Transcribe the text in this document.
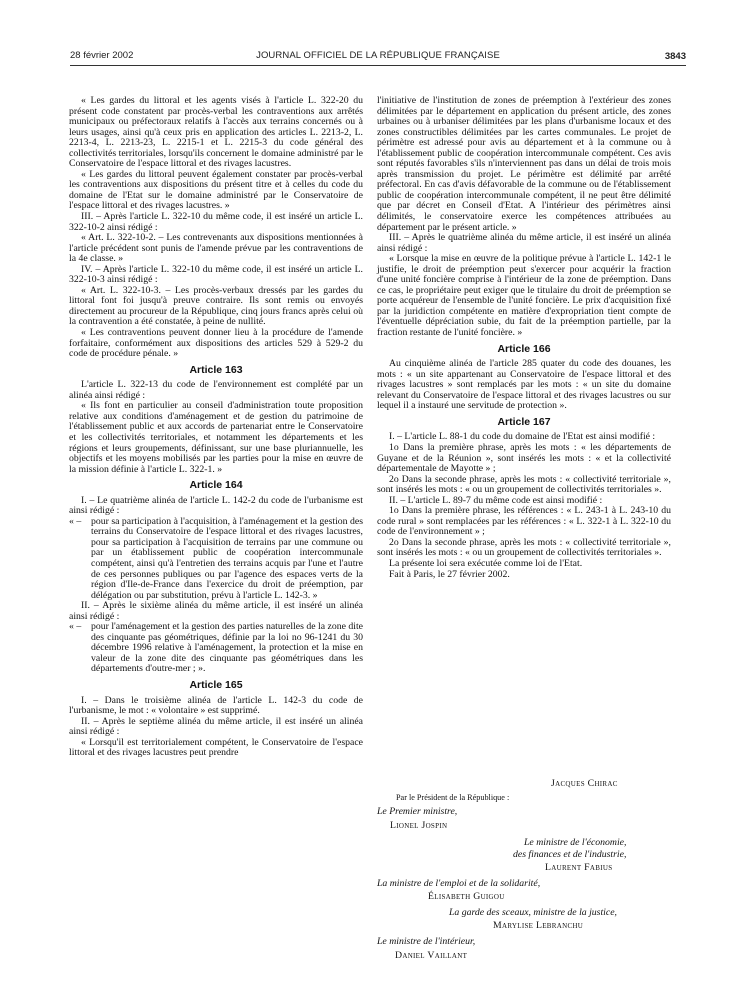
28 février 2002	JOURNAL OFFICIEL DE LA RÉPUBLIQUE FRANÇAISE	3843

« Les gardes du littoral et les agents visés à l'article L. 322-20 du présent code constatent par procès-verbal les contraventions aux arrêtés municipaux ou préfectoraux relatifs à l'accès aux terrains concernés ou à leurs usages, ainsi qu'à ceux pris en application des articles L. 2213-2, L. 2213-4, L. 2213-23, L. 2215-1 et L. 2215-3 du code général des collectivités territoriales, lorsqu'ils concernent le domaine administré par le Conservatoire de l'espace littoral et des rivages lacustres.

« Les gardes du littoral peuvent également constater par procès-verbal les contraventions aux dispositions du présent titre et à celles du code du domaine de l'Etat sur le domaine administré par le Conservatoire de l'espace littoral et des rivages lacustres. »

III. – Après l'article L. 322-10 du même code, il est inséré un article L. 322-10-2 ainsi rédigé :

« Art. L. 322-10-2. – Les contrevenants aux dispositions mentionnées à l'article précédent sont punis de l'amende prévue par les contraventions de la 4e classe. »

IV. – Après l'article L. 322-10 du même code, il est inséré un article L. 322-10-3 ainsi rédigé :

« Art. L. 322-10-3. – Les procès-verbaux dressés par les gardes du littoral font foi jusqu'à preuve contraire. Ils sont remis ou envoyés directement au procureur de la République, cinq jours francs après celui où la contravention a été constatée, à peine de nullité.

« Les contraventions peuvent donner lieu à la procédure de l'amende forfaitaire, conformément aux dispositions des articles 529 à 529-2 du code de procédure pénale. »

Article 163

L'article L. 322-13 du code de l'environnement est complété par un alinéa ainsi rédigé :

« Ils font en particulier au conseil d'administration toute proposition relative aux conditions d'aménagement et de gestion du patrimoine de l'établissement public et aux accords de partenariat entre le Conservatoire et les collectivités territoriales, et notamment les départements et les régions et leurs groupements, définissant, sur une base pluriannuelle, les objectifs et les moyens mobilisés par les parties pour la mise en œuvre de la mission définie à l'article L. 322-1. »

Article 164

I. – Le quatrième alinéa de l'article L. 142-2 du code de l'urbanisme est ainsi rédigé :

« –	pour sa participation à l'acquisition, à l'aménagement et la gestion des terrains du Conservatoire de l'espace littoral et des rivages lacustres, pour sa participation à l'acquisition de terrains par une commune ou par un établissement public de coopération intercommunale compétent, ainsi qu'à l'entretien des terrains acquis par l'une et l'autre de ces personnes publiques ou par l'agence des espaces verts de la région d'Ile-de-France dans l'exercice du droit de préemption, par délégation ou par substitution, prévu à l'article L. 142-3. »

II. – Après le sixième alinéa du même article, il est inséré un alinéa ainsi rédigé :

« –	pour l'aménagement et la gestion des parties naturelles de la zone dite des cinquante pas géométriques, définie par la loi no 96-1241 du 30 décembre 1996 relative à l'aménagement, la protection et la mise en valeur de la zone dite des cinquante pas géométriques dans les départements d'outre-mer ; ».
Article 165

I. – Dans le troisième alinéa de l'article L. 142-3 du code de l'urbanisme, le mot : « volontaire » est supprimé.

II. – Après le septième alinéa du même article, il est inséré un alinéa ainsi rédigé :

« Lorsqu'il est territorialement compétent, le Conservatoire de l'espace littoral et des rivages lacustres peut prendre

l'initiative de l'institution de zones de préemption à l'extérieur des zones délimitées par le département en application du présent article, des zones urbaines ou à urbaniser délimitées par les plans d'urbanisme locaux et des zones constructibles délimitées par les cartes communales. Le projet de périmètre est adressé pour avis au département et à la commune ou à l'établissement public de coopération intercommunale compétent. Ces avis sont réputés favorables s'ils n'interviennent pas dans un délai de trois mois après transmission du projet. Le périmètre est délimité par arrêté préfectoral. En cas d'avis défavorable de la commune ou de l'établissement public de coopération intercommunale compétent, il ne peut être délimité que par décret en Conseil d'Etat. A l'intérieur des périmètres ainsi délimités, le conservatoire exerce les compétences attribuées au département par le présent article. »

III. – Après le quatrième alinéa du même article, il est inséré un alinéa ainsi rédigé :

« Lorsque la mise en œuvre de la politique prévue à l'article L. 142-1 le justifie, le droit de préemption peut s'exercer pour acquérir la fraction d'une unité foncière comprise à l'intérieur de la zone de préemption. Dans ce cas, le propriétaire peut exiger que le titulaire du droit de préemption se porte acquéreur de l'ensemble de l'unité foncière. Le prix d'acquisition fixé par la juridiction compétente en matière d'expropriation tient compte de l'éventuelle dépréciation subie, du fait de la préemption partielle, par la fraction restante de l'unité foncière. »

Article 166

Au cinquième alinéa de l'article 285 quater du code des douanes, les mots : « un site appartenant au Conservatoire de l'espace littoral et des rivages lacustres » sont remplacés par les mots : « un site du domaine relevant du Conservatoire de l'espace littoral et des rivages lacustres ou sur lequel il a instauré une servitude de protection ».

Article 167

I. – L'article L. 88-1 du code du domaine de l'Etat est ainsi modifié :

1o Dans la première phrase, après les mots : « les départements de Guyane et de la Réunion », sont insérés les mots : « et la collectivité départementale de Mayotte » ;

2o Dans la seconde phrase, après les mots : « collectivité territoriale », sont insérés les mots : « ou un groupement de collectivités territoriales ».

II. – L'article L. 89-7 du même code est ainsi modifié :

1o Dans la première phrase, les références : « L. 243-1 à L. 243-10 du code rural » sont remplacées par les références : « L. 322-1 à L. 322-10 du code de l'environnement » ;

2o Dans la seconde phrase, après les mots : « collectivité territoriale », sont insérés les mots : « ou un groupement de collectivités territoriales ».

La présente loi sera exécutée comme loi de l'Etat.

Fait à Paris, le 27 février 2002.

Jacques Chirac
Par le Président de la République :
Le Premier ministre,
Lionel Jospin
Le ministre de l'économie,
des finances et de l'industrie,
Laurent Fabius
La ministre de l'emploi et de la solidarité,
Élisabeth Guigou
La garde des sceaux, ministre de la justice,
Marylise Lebranchu
Le ministre de l'intérieur,
Daniel Vaillant
